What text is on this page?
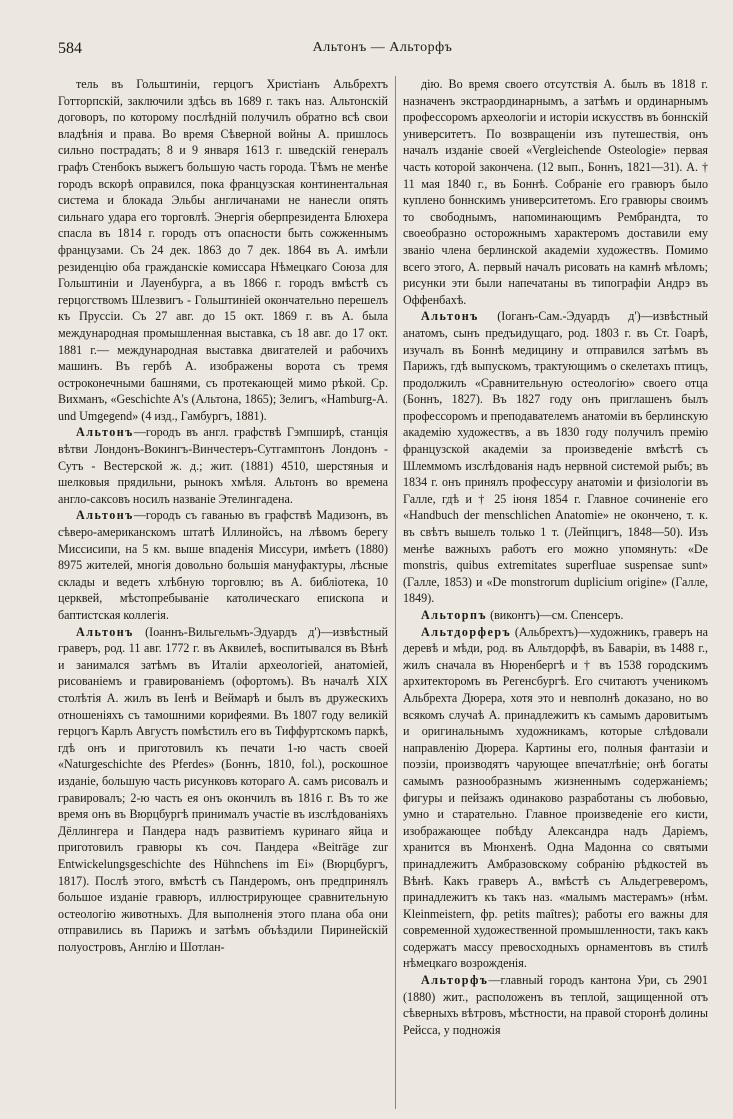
584	Альтонъ — Альторфъ

тель въ Гольштиніи, герцогъ Христіанъ Альбрехтъ Готторпскій, заключили здѣсь въ 1689 г. такъ наз. Альтонскій договоръ, по которому послѣдній получилъ обратно всѣ свои владѣнія и права. Во время Сѣверной войны А. пришлось сильно пострадать; 8 и 9 января 1613 г. шведскій генералъ графъ Стенбокъ выжегъ большую часть города. Тѣмъ не менѣе городъ вскорѣ оправился, пока французская континентальная система и блокада Эльбы англичанами не нанесли опять сильнаго удара его торговлѣ. Энергія оберпрезидента Блюхера спасла въ 1814 г. городъ отъ опасности быть сожженнымъ французами. Съ 24 дек. 1863 до 7 дек. 1864 въ А. имѣли резиденцію оба гражданскіе комиссара Нѣмецкаго Союза для Гольштиніи и Лауенбурга, а въ 1866 г. городъ вмѣстѣ съ герцогствомъ Шлезвигъ - Гольштиніей окончательно перешелъ къ Пруссіи. Съ 27 авг. до 15 окт. 1869 г. въ А. была международная промышленная выставка, съ 18 авг. до 17 окт. 1881 г.— международная выставка двигателей и рабочихъ машинъ. Въ гербѣ А. изображены ворота съ тремя остроконечными башнями, съ протекающей мимо рѣкой. Ср. Вихманъ, «Geschichte A's (Альтона, 1865); Зелигъ, «Hamburg-A. und Umgegend» (4 изд., Гамбургъ, 1881).

Альтонъ—городъ въ англ. графствѣ Гэмпширѣ, станція вѣтви Лондонъ-Вокингъ-Винчестеръ-Сутгамптонъ Лондонъ - Сутъ - Вестерской ж. д.; жит. (1881) 4510, шерстяныя и шелковыя прядильни, рынокъ хмѣля. Альтонъ во времена англо-саксовъ носилъ названіе Этелингадена.

Альтонъ—городъ съ гаванью въ графствѣ Мадизонъ, въ сѣверо-американскомъ штатѣ Иллинойсъ, на лѣвомъ берегу Миссисипи, на 5 км. выше впаденія Миссури, имѣетъ (1880) 8975 жителей, многія довольно большія мануфактуры, лѣсные склады и ведетъ хлѣбную торговлю; въ А. библіотека, 10 церквей, мѣстопребываніе католическаго епископа и баптистская коллегія.

Альтонъ (Іоаннъ-Вильгельмъ-Эдуардъ д')—извѣстный граверъ, род. 11 авг. 1772 г. въ Аквилеѣ, воспитывался въ Вѣнѣ и занимался затѣмъ въ Италіи археологіей, анатоміей, рисованіемъ и гравированіемъ (офортомъ). Въ началѣ XIX столѣтія А. жилъ въ Іенѣ и Веймарѣ и былъ въ дружескихъ отношеніяхъ съ тамошними корифеями. Въ 1807 году великій герцогъ Карлъ Августъ помѣстилъ его въ Тиффуртскомъ паркѣ, гдѣ онъ и приготовилъ къ печати 1-ю часть своей «Naturgeschichte des Pferdes» (Боннъ, 1810, fol.), роскошное изданіе, большую часть рисунковъ котораго А. самъ рисовалъ и гравировалъ; 2-ю часть ея онъ окончилъ въ 1816 г. Въ то же время онъ въ Вюрцбургѣ принималъ участіе въ изслѣдованіяхъ Дёллингера и Пандера надъ развитіемъ куринаго яйца и приготовилъ гравюры къ соч. Пандера «Beiträge zur Entwickelungsgeschichte des Hühnchens im Ei» (Вюрцбургъ, 1817). Послѣ этого, вмѣстѣ съ Пандеромъ, онъ предпринялъ большое изданіе гравюръ, иллюстрирующее сравнительную остеологію животныхъ. Для выполненія этого плана оба они отправились въ Парижъ и затѣмъ объѣздили Пиринейскій полуостровъ, Англію и Шотлан-

дію. Во время своего отсутствія А. былъ въ 1818 г. назначенъ экстраординарнымъ, а затѣмъ и ординарнымъ профессоромъ археологіи и исторіи искусствъ въ боннскій университетъ. По возвращеніи изъ путешествія, онъ началъ изданіе своей «Vergleichende Osteologie» первая часть которой закончена. (12 вып., Боннъ, 1821—31). А. † 11 мая 1840 г., въ Боннѣ. Собраніе его гравюръ было куплено боннскимъ университетомъ. Его гравюры своимъ то свободнымъ, напоминающимъ Рембрандта, то своеобразно осторожнымъ характеромъ доставили ему званіо члена берлинской академіи художествъ. Помимо всего этого, А. первый началъ рисовать на камнѣ мѣломъ; рисунки эти были напечатаны въ типографіи Андрэ въ Оффенбахѣ.

Альтонъ (Іоганъ-Сам.-Эдуардъ д')—извѣстный анатомъ, сынъ предъидущаго, род. 1803 г. въ Ст. Гоарѣ, изучалъ въ Боннѣ медицину и отправился затѣмъ въ Парижъ, гдѣ выпускомъ, трактующимъ о скелетахъ птицъ, продолжилъ «Сравнительную остеологію» своего отца (Боннъ, 1827). Въ 1827 году онъ приглашенъ былъ профессоромъ и преподавателемъ анатоміи въ берлинскую академію художествъ, а въ 1830 году получилъ премію французской академіи за произведеніе вмѣстѣ съ Шлеммомъ изслѣдованія надъ нервной системой рыбъ; въ 1834 г. онъ принялъ профессуру анатоміи и физіологіи въ Галле, гдѣ и † 25 іюня 1854 г. Главное сочиненіе его «Handbuch der menschlichen Anatomie» не окончено, т. к. въ свѣтъ вышелъ только 1 т. (Лейпцигъ, 1848—50). Изъ менѣе важныхъ работъ его можно упомянуть: «De monstris, quibus extremitates superfluae suspensae sunt» (Галле, 1853) и «De monstrorum duplicium origine» (Галле, 1849).

Альторпъ (виконтъ)—см. Спенсеръ.

Альтдорферъ (Альбрехтъ)—художникъ, граверъ на деревѣ и мѣди, род. въ Альтдорфѣ, въ Баваріи, въ 1488 г., жилъ сначала въ Нюренбергѣ и † въ 1538 городскимъ архитекторомъ въ Регенсбургѣ. Его считаютъ ученикомъ Альбрехта Дюрера, хотя это и невполнѣ доказано, но во всякомъ случаѣ А. принадлежитъ къ самымъ даровитымъ и оригинальнымъ художникамъ, которые слѣдовали направленію Дюрера. Картины его, полныя фантазіи и поэзіи, производятъ чарующее впечатлѣніе; онѣ богаты самымъ разнообразнымъ жизненнымъ содержаніемъ; фигуры и пейзажъ одинаково разработаны съ любовью, умно и старательно. Главное произведеніе его кисти, изображающее побѣду Александра надъ Даріемъ, хранится въ Мюнхенѣ. Одна Мадонна со святыми принадлежитъ Амбразовскому собранію рѣдкостей въ Вѣнѣ. Какъ граверъ А., вмѣстѣ съ Альдегреверомъ, принадлежитъ къ такъ наз. «малымъ мастерамъ» (нѣм. Kleinmeistern, фр. petits maîtres); работы его важны для современной художественной промышленности, такъ какъ содержатъ массу превосходныхъ орнаментовъ въ стилѣ нѣмецкаго возрожденія.

Альторфъ—главный городъ кантона Ури, съ 2901 (1880) жит., расположенъ въ теплой, защищенной отъ сѣверныхъ вѣтровъ, мѣстности, на правой сторонѣ долины Рейсса, у подножія
